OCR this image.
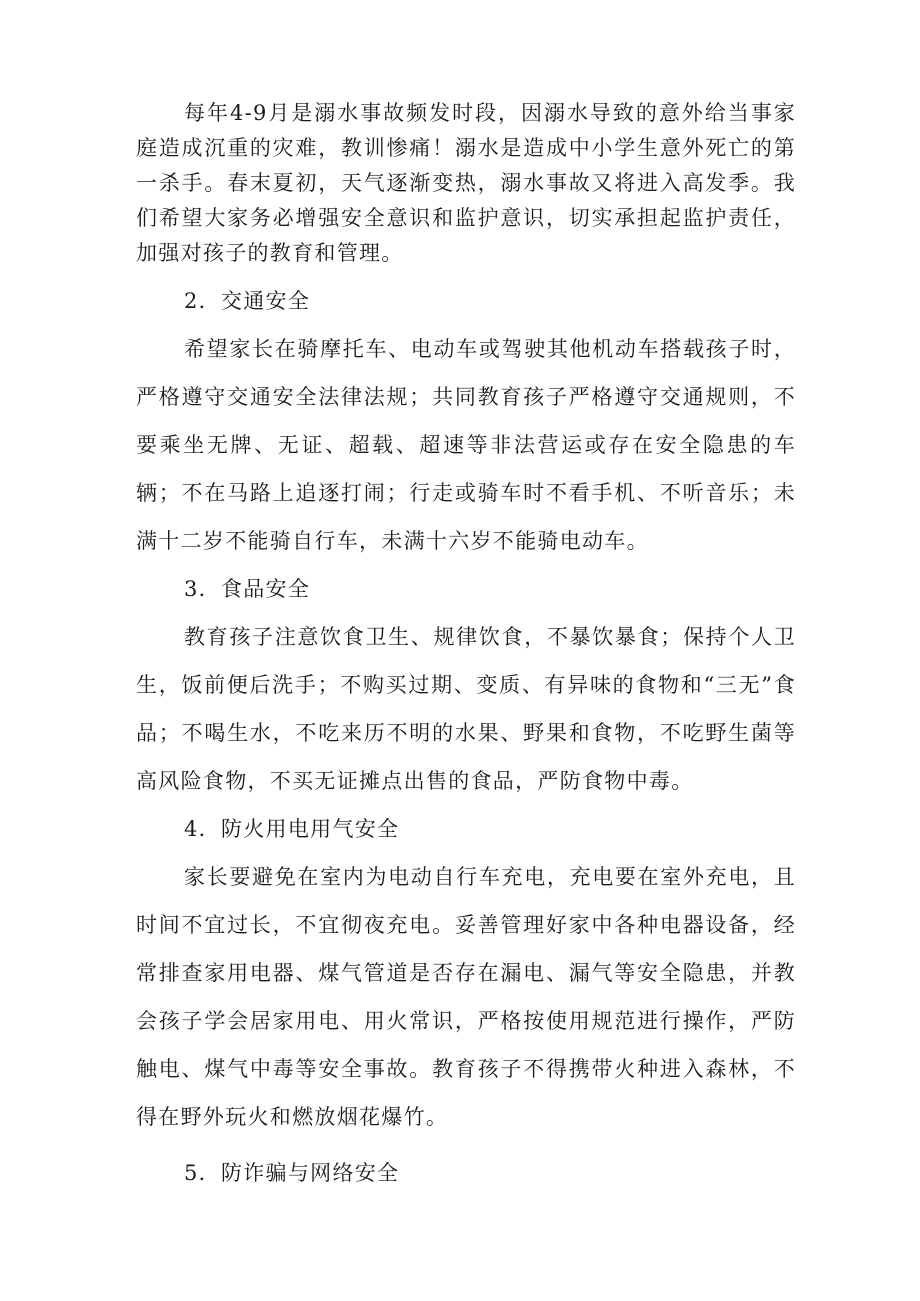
每年4-9月是溺水事故频发时段，因溺水导致的意外给当事家庭造成沉重的灾难，教训惨痛！溺水是造成中小学生意外死亡的第一杀手。春末夏初，天气逐渐变热，溺水事故又将进入高发季。我们希望大家务必增强安全意识和监护意识，切实承担起监护责任，加强对孩子的教育和管理。

2．交通安全

希望家长在骑摩托车、电动车或驾驶其他机动车搭载孩子时，严格遵守交通安全法律法规；共同教育孩子严格遵守交通规则，不要乘坐无牌、无证、超载、超速等非法营运或存在安全隐患的车辆；不在马路上追逐打闹；行走或骑车时不看手机、不听音乐；未满十二岁不能骑自行车，未满十六岁不能骑电动车。

3．食品安全

教育孩子注意饮食卫生、规律饮食，不暴饮暴食；保持个人卫生，饭前便后洗手；不购买过期、变质、有异味的食物和“三无”食品；不喝生水，不吃来历不明的水果、野果和食物，不吃野生菌等高风险食物，不买无证摊点出售的食品，严防食物中毒。

4．防火用电用气安全

家长要避免在室内为电动自行车充电，充电要在室外充电，且时间不宜过长，不宜彻夜充电。妥善管理好家中各种电器设备，经常排查家用电器、煤气管道是否存在漏电、漏气等安全隐患，并教会孩子学会居家用电、用火常识，严格按使用规范进行操作，严防触电、煤气中毒等安全事故。教育孩子不得携带火种进入森林，不得在野外玩火和燃放烟花爆竹。

5．防诈骗与网络安全
